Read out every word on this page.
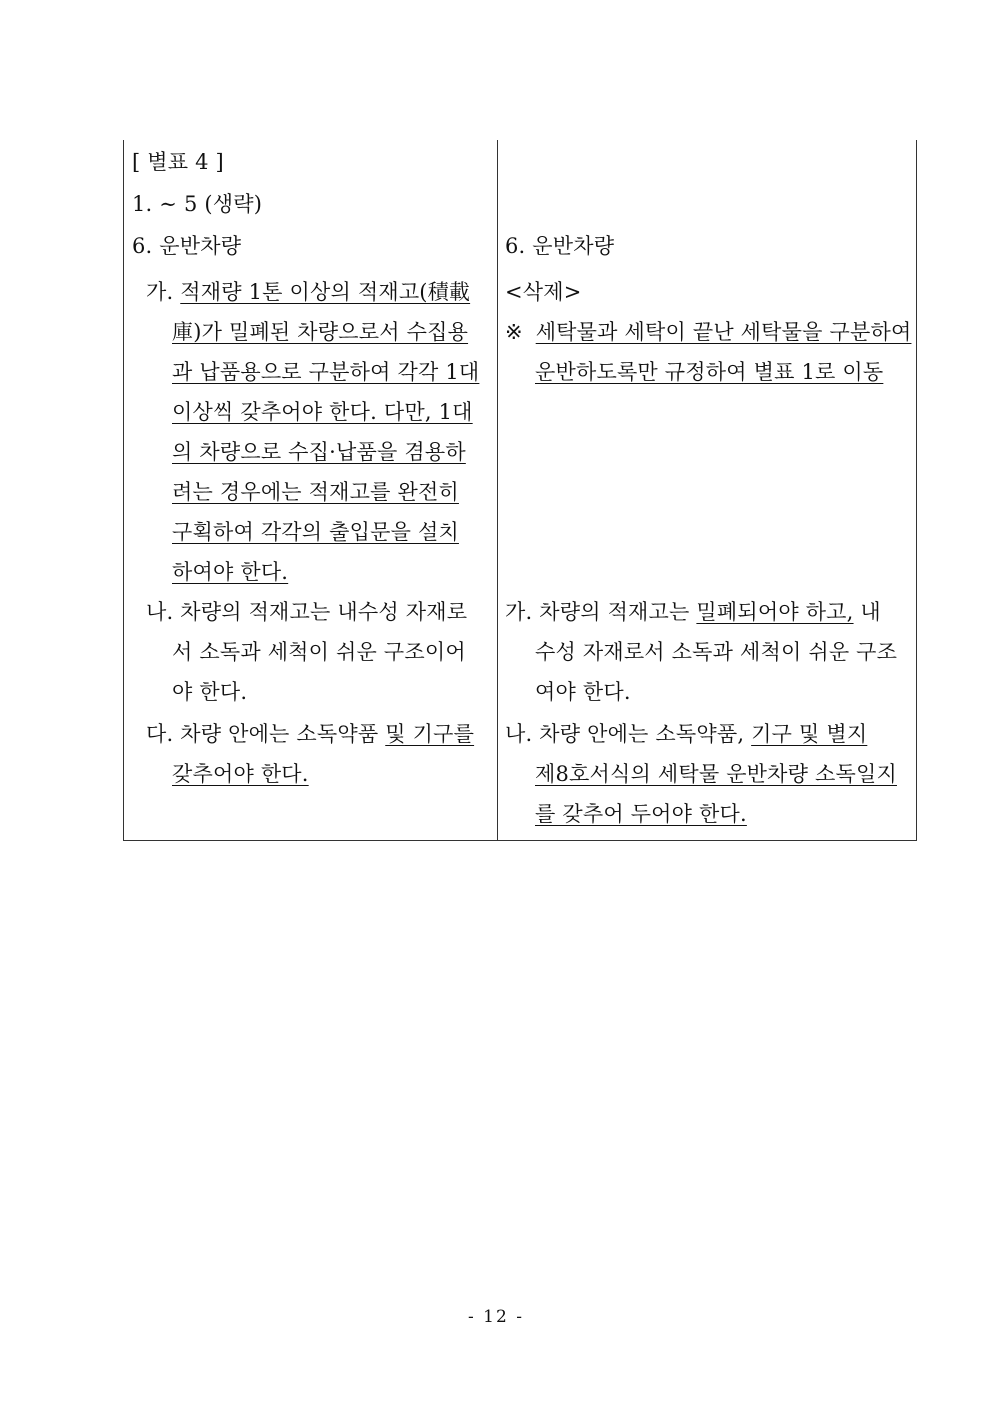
[ 별표 4 ]
1. ∼ 5 (생략)
6. 운반차량
가. 적재량 1톤 이상의 적재고(積載
庫)가 밀폐된 차량으로서 수집용
과 납품용으로 구분하여 각각 1대
이상씩 갖추어야 한다. 다만, 1대
의 차량으로 수집·납품을 겸용하
려는 경우에는 적재고를 완전히
구획하여 각각의 출입문을 설치
하여야 한다.
나. 차량의 적재고는 내수성 자재로
서 소독과 세척이 쉬운 구조이어
야 한다.
다. 차량 안에는 소독약품 및 기구를
갖추어야 한다.
6. 운반차량
<삭제>
※ 세탁물과 세탁이 끝난 세탁물을 구분하여
운반하도록만 규정하여 별표 1로 이동
가. 차량의 적재고는 밀폐되어야 하고, 내
수성 자재로서 소독과 세척이 쉬운 구조
여야 한다.
나. 차량 안에는 소독약품, 기구 및 별지
제8호서식의 세탁물 운반차량 소독일지
를 갖추어 두어야 한다.
- 12 -
